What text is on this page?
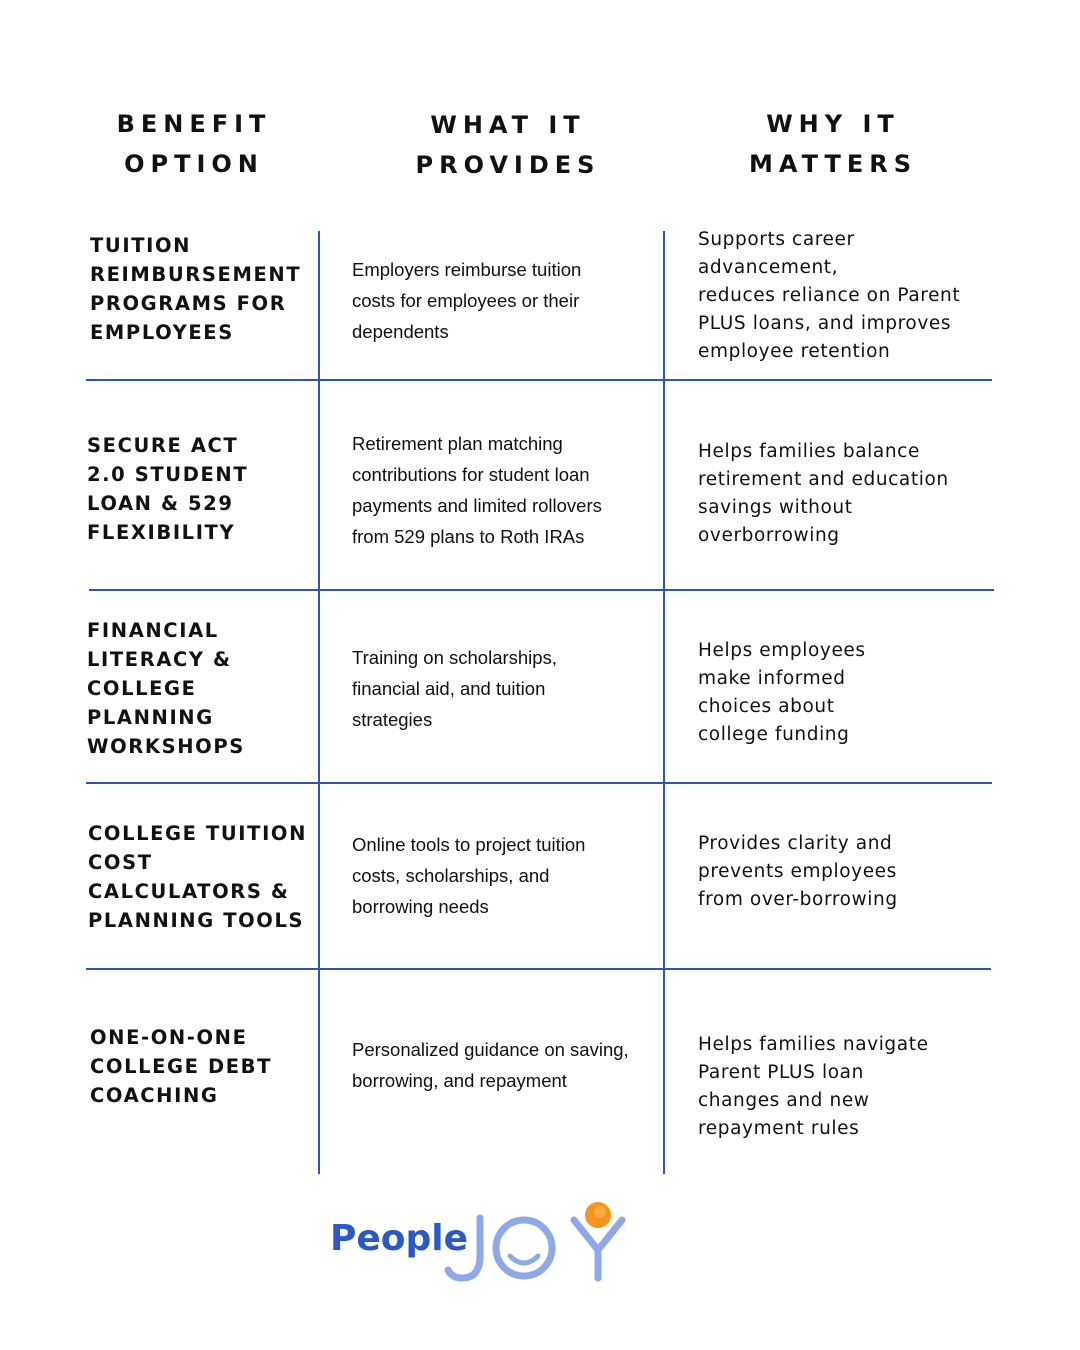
BENEFIT
OPTION
WHAT IT
PROVIDES
WHY IT
MATTERS
TUITION
REIMBURSEMENT
PROGRAMS FOR
EMPLOYEES
Employers reimburse tuition
costs for employees or their
dependents
Supports career advancement,
reduces reliance on Parent
PLUS loans, and improves
employee retention
SECURE ACT
2.0 STUDENT
LOAN & 529
FLEXIBILITY
Retirement plan matching
contributions for student loan
payments and limited rollovers
from 529 plans to Roth IRAs
Helps families balance
retirement and education
savings without
overborrowing
FINANCIAL
LITERACY &
COLLEGE
PLANNING
WORKSHOPS
Training on scholarships,
financial aid, and tuition
strategies
Helps employees
make informed
choices about
college funding
COLLEGE TUITION
COST
CALCULATORS &
PLANNING TOOLS
Online tools to project tuition
costs, scholarships, and
borrowing needs
Provides clarity and
prevents employees
from over-borrowing
ONE-ON-ONE
COLLEGE DEBT
COACHING
Personalized guidance on saving,
borrowing, and repayment
Helps families navigate
Parent PLUS loan
changes and new
repayment rules
People
